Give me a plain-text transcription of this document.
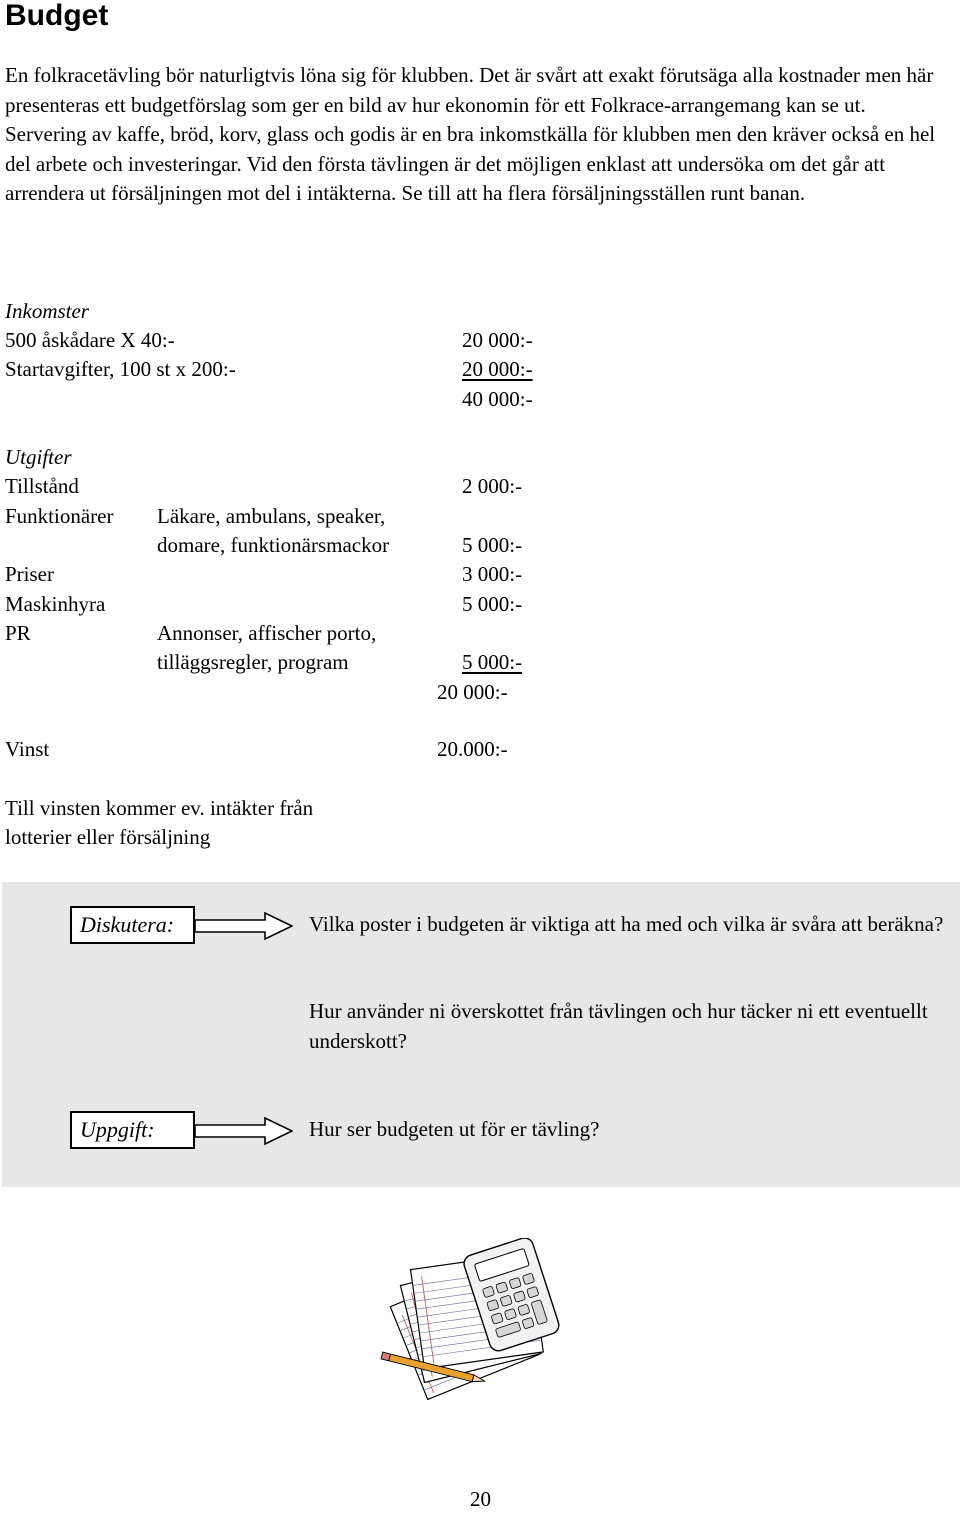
Budget

En folkracetävling bör naturligtvis löna sig för klubben. Det är svårt att exakt förutsäga alla kostnader men här presenteras ett budgetförslag som ger en bild av hur ekonomin för ett Folkrace-arrangemang kan se ut.
Servering av kaffe, bröd, korv, glass och godis är en bra inkomstkälla för klubben men den kräver också en hel del arbete och investeringar. Vid den första tävlingen är det möjligen enklast att undersöka om det går att arrendera ut försäljningen mot del i intäkterna. Se till att ha flera försäljningsställen runt banan.

Inkomster
500 åskådare X 40:-	20 000:-
Startavgifter, 100 st x 200:-	20 000:-
40 000:-
Utgifter
Tillstånd	2 000:-
Funktionärer Läkare, ambulans, speaker,
domare, funktionärsmackor	5 000:-
Priser	3 000:-
Maskinhyra	5 000:-
PR	Annonser, affischer porto,
tilläggsregler, program	5 000:-
20 000:-
Vinst	20.000:-
Till vinsten kommer ev. intäkter från
lotterier eller försäljning
Diskutera:	Vilka poster i budgeten är viktiga att ha med och vilka är svåra att beräkna?

Hur använder ni överskottet från tävlingen och hur täcker ni ett eventuellt underskott?

Uppgift:	Hur ser budgeten ut för er tävling?

20
